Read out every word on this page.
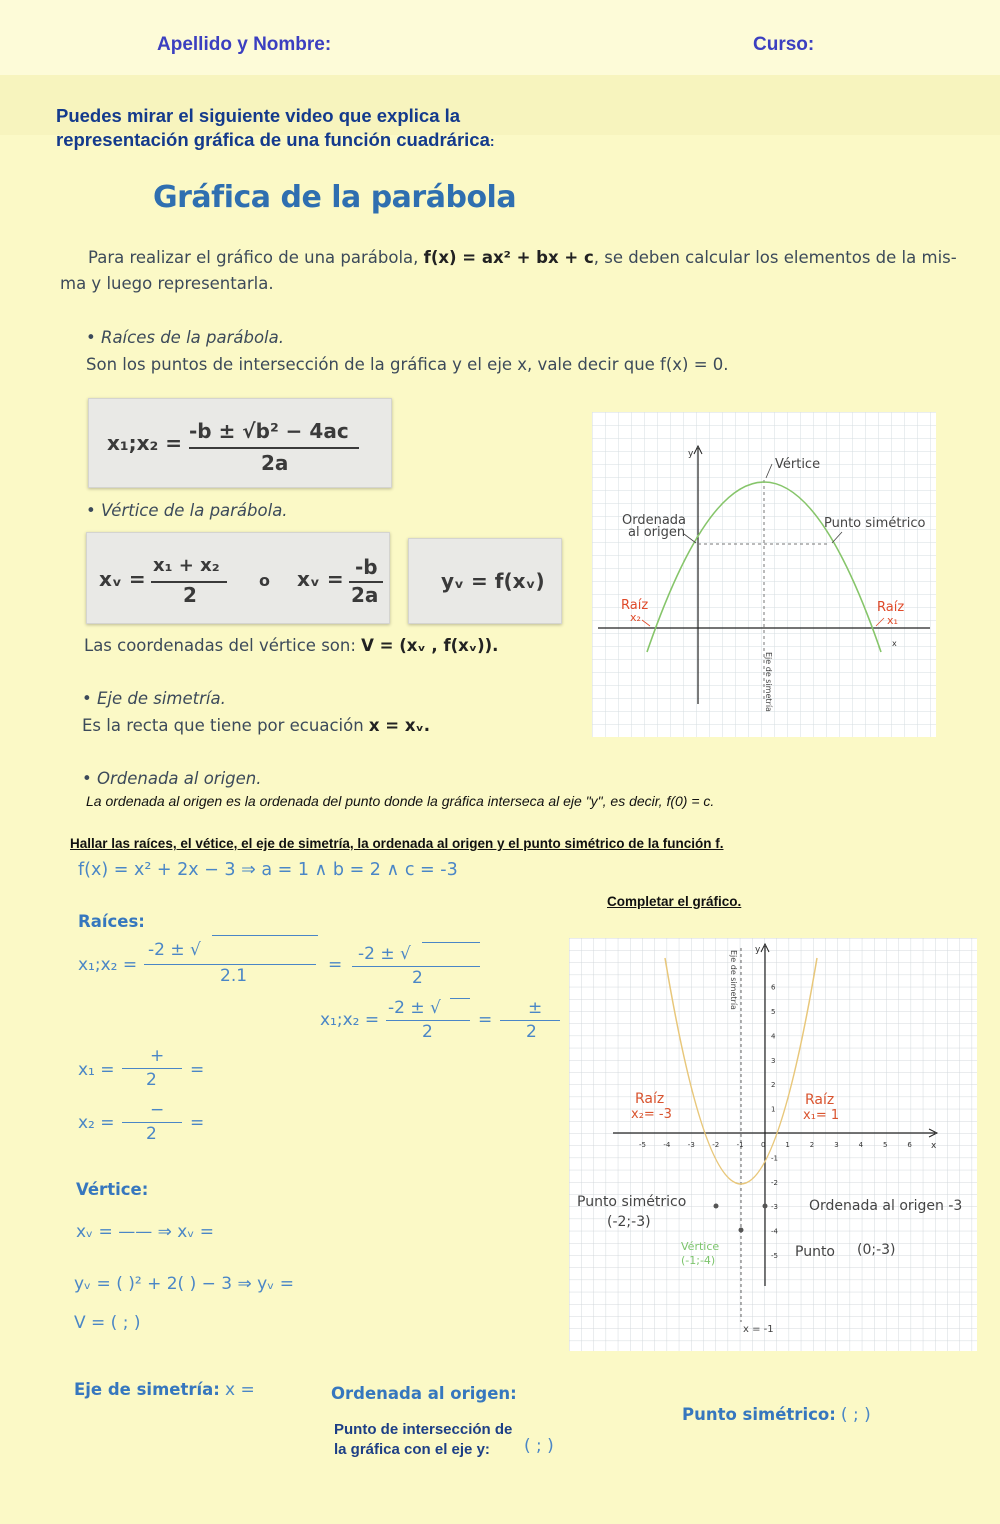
Apellido y Nombre:	Curso:
Puedes mirar el siguiente video que explica la
representación gráfica de una función cuadrárica:
Gráfica de la parábola
Para realizar el gráfico de una parábola, f(x) = ax² + bx + c, se deben calcular los elementos de la mis-
ma y luego representarla.
• Raíces de la parábola.
Son los puntos de intersección de la gráfica y el eje x, vale decir que f(x) = 0.
x₁;x₂ = -b ± √b² − 4ac
2a
• Vértice de la parábola.
xᵥ =
x₁ + x₂
2
o xᵥ = -b
2a
yᵥ = f(xᵥ)
Las coordenadas del vértice son: V = (xᵥ , f(xᵥ)).
• Eje de simetría.
Es la recta que tiene por ecuación x = xᵥ.
• Ordenada al origen.
La ordenada al origen es la ordenada del punto donde la gráfica interseca al eje "y", es decir, f(0) = c.
y
x
Vértice
Ordenada
al origen
Punto simétrico
Raíz
x₂
Raíz
x₁
Eje de simetría
Hallar las raíces, el vétice, el eje de simetría, la ordenada al origen y el punto simétrico de la función f.
f(x) = x² + 2x − 3 ⇒ a = 1 ∧ b = 2 ∧ c = -3
Completar el gráfico.
Raíces:
x₁;x₂ =
-2 ± √
2.1
=
-2 ± √
2
x₁;x₂ =
-2 ± √
2
=
±
2
x₁ =
+
2 =
x₂ =
−
2
=
Vértice:
xᵥ = —— ⇒ xᵥ =
yᵥ = ( )² + 2( ) − 3 ⇒ yᵥ =
V = ( ; )
Eje de simetría: x =	Ordenada al origen:
Punto de intersección de
la gráfica con el eje y:	( ; )
Punto simétrico: ( ; )
-5 -4 -3 -2 -1 0	1	2	3	4	5	6
6
5
4
3
2
1
-1
-2
-3
-4
-5
Eje de simetría
Raíz
x₂= -3
Raíz
x₁= 1
Punto simétrico
(-2;-3)
Ordenada al origen -3
Vértice
(-1;-4)
Punto (0;-3)
x = -1
x
y
